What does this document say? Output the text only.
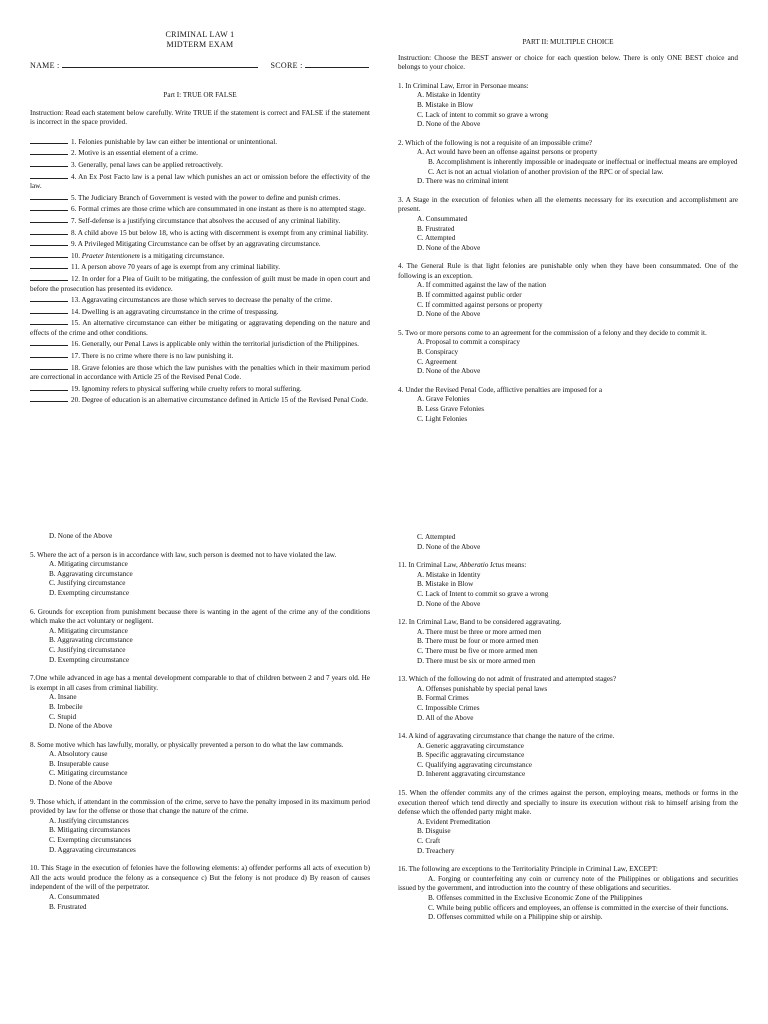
CRIMINAL LAW 1
MIDTERM EXAM
NAME :	SCORE :
Part I: TRUE OR FALSE

Instruction: Read each statement below carefully. Write TRUE if the statement is correct and FALSE if the statement is incorrect in the space provided.

1. Felonies punishable by law can either be intentional or unintentional.

2. Motive is an essential element of a crime.

3. Generally, penal laws can be applied retroactively.

4. An Ex Post Facto law is a penal law which punishes an act or omission before the effectivity of the law.

5. The Judiciary Branch of Government is vested with the power to define and punish crimes.

6. Formal crimes are those crime which are consummated in one instant as there is no attempted stage.

7. Self-defense is a justifying circumstance that absolves the accused of any criminal liability.

8. A child above 15 but below 18, who is acting with discernment is exempt from any criminal liability.

9. A Privileged Mitigating Circumstance can be offset by an aggravating circumstance.

10. Praeter Intentionem is a mitigating circumstance.

11. A person above 70 years of age is exempt from any criminal liability.

12. In order for a Plea of Guilt to be mitigating, the confession of guilt must be made in open court and before the prosecution has presented its evidence.

13. Aggravating circumstances are those which serves to decrease the penalty of the crime.

14. Dwelling is an aggravating circumstance in the crime of trespassing.

15. An alternative circumstance can either be mitigating or aggravating depending on the nature and effects of the crime and other conditions.

16. Generally, our Penal Laws is applicable only within the territorial jurisdiction of the Philippines.

17. There is no crime where there is no law punishing it.

18. Grave felonies are those which the law punishes with the penalties which in their maximum period are correctional in accordance with Article 25 of the Revised Penal Code.

19. Ignominy refers to physical suffering while cruelty refers to moral suffering.

20. Degree of education is an alternative circumstance defined in Article 15 of the Revised Penal Code.

PART II: MULTIPLE CHOICE

Instruction: Choose the BEST answer or choice for each question below. There is only ONE BEST choice and belongs to your choice.

1. In Criminal Law, Error in Personae means:

A. Mistake in Identity

B. Mistake in Blow

C. Lack of intent to commit so grave a wrong

D. None of the Above

2. Which of the following is not a requisite of an impossible crime?

A. Act would have been an offense against persons or property

B. Accomplishment is inherently impossible or inadequate or ineffectual or ineffectual means are employed

C. Act is not an actual violation of another provision of the RPC or of special law.

D. There was no criminal intent

3. A Stage in the execution of felonies when all the elements necessary for its execution and accomplishment are present.

A. Consummated

B. Frustrated

C. Attempted

D. None of the Above

4. The General Rule is that light felonies are punishable only when they have been consummated. One of the following is an exception.

A. If committed against the law of the nation

B. If committed against public order

C. If committed against persons or property

D. None of the Above

5. Two or more persons come to an agreement for the commission of a felony and they decide to commit it.

A. Proposal to commit a conspiracy

B. Conspiracy

C. Agreement

D. None of the Above

4. Under the Revised Penal Code, afflictive penalties are imposed for a

A. Grave Felonies

B. Less Grave Felonies

C. Light Felonies

D. None of the Above

5. Where the act of a person is in accordance with law, such person is deemed not to have violated the law.

A. Mitigating circumstance

B. Aggravating circumstance

C. Justifying circumstance

D. Exempting circumstance

6. Grounds for exception from punishment because there is wanting in the agent of the crime any of the conditions which make the act voluntary or negligent.

A. Mitigating circumstance

B. Aggravating circumstance

C. Justifying circumstance

D. Exempting circumstance

7.One while advanced in age has a mental development comparable to that of children between 2 and 7 years old. He is exempt in all cases from criminal liability.

A. Insane

B. Imbecile

C. Stupid

D. None of the Above

8. Some motive which has lawfully, morally, or physically prevented a person to do what the law commands.

A. Absolutory cause

B. Insuperable cause

C. Mitigating circumstance

D. None of the Above

9. Those which, if attendant in the commission of the crime, serve to have the penalty imposed in its maximum period provided by law for the offense or those that change the nature of the crime.

A. Justifying circumstances

B. Mitigating circumstances

C. Exempting circumstances

D. Aggravating circumstances

10. This Stage in the execution of felonies have the following elements: a) offender performs all acts of execution b) All the acts would produce the felony as a consequence c) But the felony is not produce d) By reason of causes independent of the will of the perpetrator.

A. Consummated

B. Frustrated

C. Attempted

D. None of the Above

11. In Criminal Law, Abberatio Ictus means:

A. Mistake in Identity

B. Mistake in Blow

C. Lack of Intent to commit so grave a wrong

D. None of the Above

12. In Criminal Law, Band to be considered aggravating.

A. There must be three or more armed men

B. There must be four or more armed men

C. There must be five or more armed men

D. There must be six or more armed men

13. Which of the following do not admit of frustrated and attempted stages?

A. Offenses punishable by special penal laws

B. Formal Crimes

C. Impossible Crimes

D. All of the Above

14. A kind of aggravating circumstance that change the nature of the crime.

A. Generic aggravating circumstance

B. Specific aggravating circumstance

C. Qualifying aggravating circumstance

D. Inherent aggravating circumstance

15. When the offender commits any of the crimes against the person, employing means, methods or forms in the execution thereof which tend directly and specially to insure its execution without risk to himself arising from the defense which the offended party might make.

A. Evident Premeditation

B. Disguise

C. Craft

D. Treachery

16. The following are exceptions to the Territoriality Principle in Criminal Law, EXCEPT:

A. Forging or counterfeiting any coin or currency note of the Philippines or obligations and securities issued by the government, and introduction into the country of these obligations and securities.

B. Offenses committed in the Exclusive Economic Zone of the Philippines

C. While being public officers and employees, an offense is committed in the exercise of their functions.

D. Offenses committed while on a Philippine ship or airship.
